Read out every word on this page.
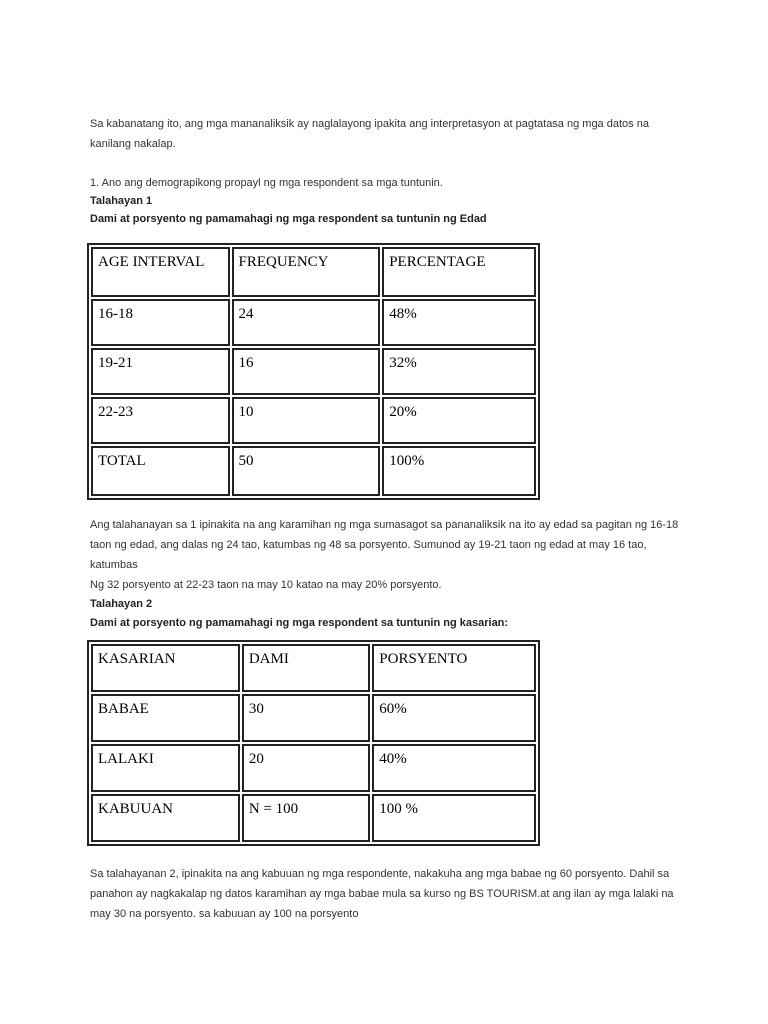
Sa kabanatang ito, ang mga mananaliksik ay naglalayong ipakita ang interpretasyon at pagtatasa ng mga datos na kanilang nakalap.
1. Ano ang demograpikong propayl ng mga respondent sa mga tuntunin.
Talahayan 1
Dami at porsyento ng pamamahagi ng mga respondent sa tuntunin ng Edad
AGE INTERVAL	FREQUENCY	PERCENTAGE
16-18	24	48%
19-21	16	32%
22-23	10	20%
TOTAL	50	100%
Ang talahanayan sa 1 ipinakita na ang karamihan ng mga sumasagot sa pananaliksik na ito ay edad sa pagitan ng 16-18 taon ng edad, ang dalas ng 24 tao, katumbas ng 48 sa porsyento. Sumunod ay 19-21 taon ng edad at may 16 tao, katumbas
Ng 32 porsyento at 22-23 taon na may 10 katao na may 20% porsyento.
Talahayan 2
Dami at porsyento ng pamamahagi ng mga respondent sa tuntunin ng kasarian:
KASARIAN	DAMI	PORSYENTO
BABAE	30	60%
LALAKI	20	40%
KABUUAN	N = 100	100 %
Sa talahayanan 2, ipinakita na ang kabuuan ng mga respondente, nakakuha ang mga babae ng 60 porsyento. Dahil sa panahon ay nagkakalap ng datos karamihan ay mga babae mula sa kurso ng BS TOURISM.at ang ilan ay mga lalaki na may 30 na porsyento. sa kabuuan ay 100 na porsyento
